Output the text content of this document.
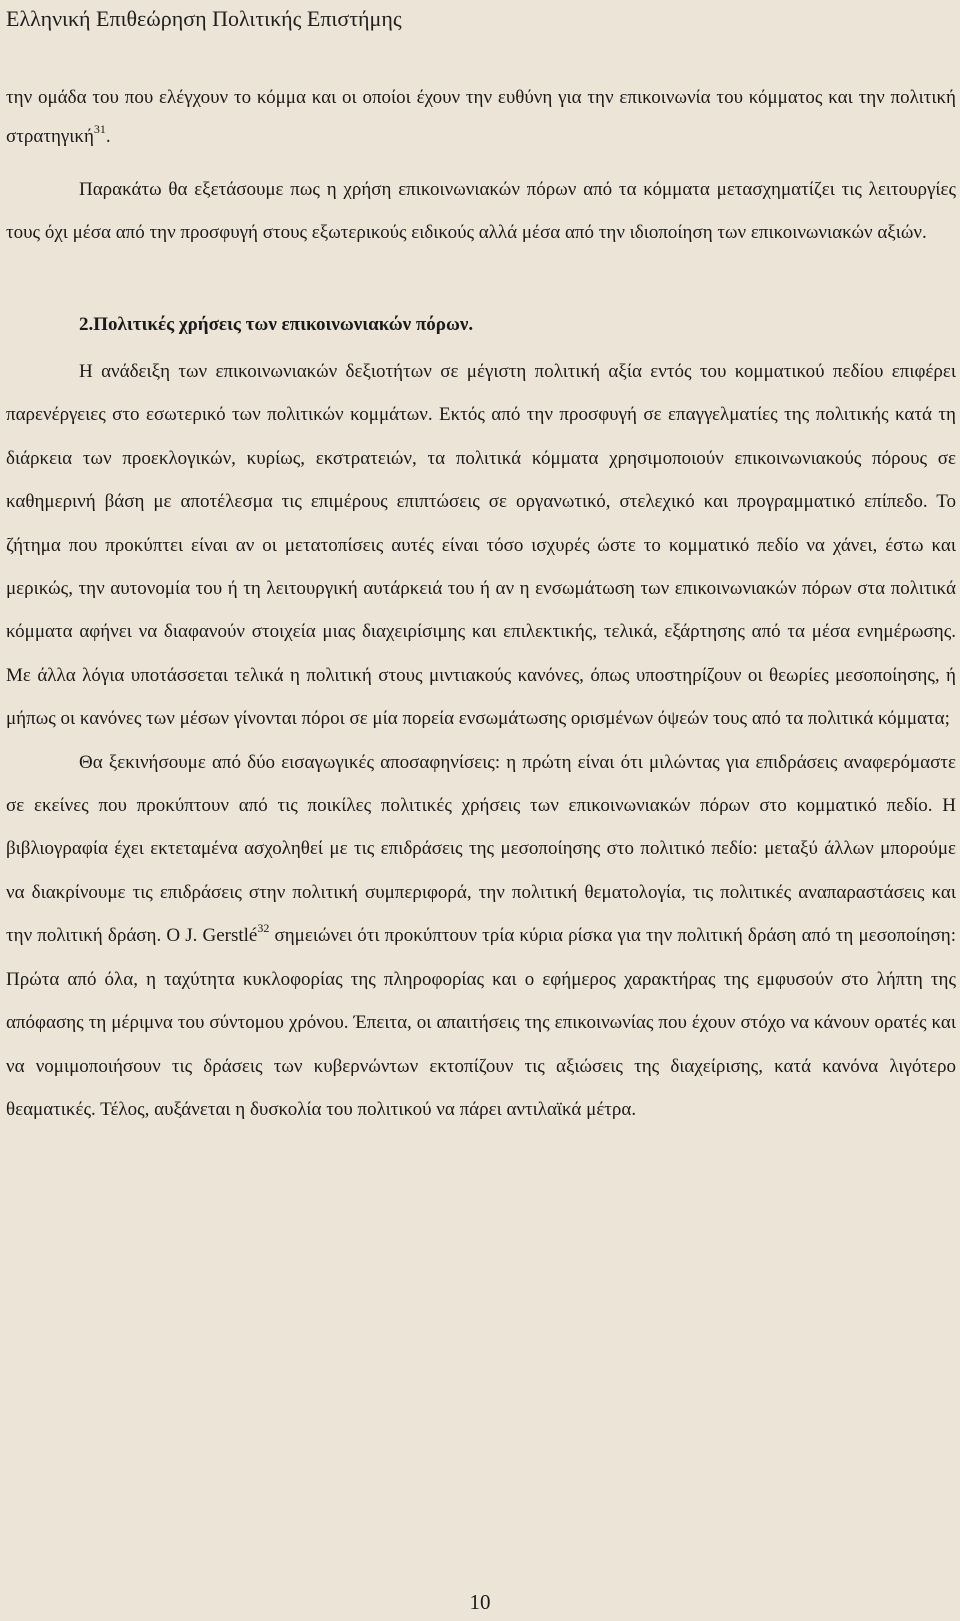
Ελληνική Επιθεώρηση Πολιτικής Επιστήμης

την ομάδα του που ελέγχουν το κόμμα και οι οποίοι έχουν την ευθύνη για την επικοινωνία του κόμματος και την πολιτική στρατηγική$^{31}$.

Παρακάτω θα εξετάσουμε πως η χρήση επικοινωνιακών πόρων από τα κόμματα μετασχηματίζει τις λειτουργίες τους όχι μέσα από την προσφυγή στους εξωτερικούς ειδικούς αλλά μέσα από την ιδιοποίηση των επικοινωνιακών αξιών.

2.Πολιτικές χρήσεις των επικοινωνιακών πόρων.

Η ανάδειξη των επικοινωνιακών δεξιοτήτων σε μέγιστη πολιτική αξία εντός του κομματικού πεδίου επιφέρει παρενέργειες στο εσωτερικό των πολιτικών κομμάτων. Εκτός από την προσφυγή σε επαγγελματίες της πολιτικής κατά τη διάρκεια των προεκλογικών, κυρίως, εκστρατειών, τα πολιτικά κόμματα χρησιμοποιούν επικοινωνιακούς πόρους σε καθημερινή βάση με αποτέλεσμα τις επιμέρους επιπτώσεις σε οργανωτικό, στελεχικό και προγραμματικό επίπεδο. Το ζήτημα που προκύπτει είναι αν οι μετατοπίσεις αυτές είναι τόσο ισχυρές ώστε το κομματικό πεδίο να χάνει, έστω και μερικώς, την αυτονομία του ή τη λειτουργική αυτάρκειά του ή αν η ενσωμάτωση των επικοινωνιακών πόρων στα πολιτικά κόμματα αφήνει να διαφανούν στοιχεία μιας διαχειρίσιμης και επιλεκτικής, τελικά, εξάρτησης από τα μέσα ενημέρωσης. Με άλλα λόγια υποτάσσεται τελικά η πολιτική στους μιντιακούς κανόνες, όπως υποστηρίζουν οι θεωρίες μεσοποίησης, ή μήπως οι κανόνες των μέσων γίνονται πόροι σε μία πορεία ενσωμάτωσης ορισμένων όψεών τους από τα πολιτικά κόμματα;

Θα ξεκινήσουμε από δύο εισαγωγικές αποσαφηνίσεις: η πρώτη είναι ότι μιλώντας για επιδράσεις αναφερόμαστε σε εκείνες που προκύπτουν από τις ποικίλες πολιτικές χρήσεις των επικοινωνιακών πόρων στο κομματικό πεδίο. Η βιβλιογραφία έχει εκτεταμένα ασχοληθεί με τις επιδράσεις της μεσοποίησης στο πολιτικό πεδίο: μεταξύ άλλων μπορούμε να διακρίνουμε τις επιδράσεις στην πολιτική συμπεριφορά, την πολιτική θεματολογία, τις πολιτικές αναπαραστάσεις και την πολιτική δράση. Ο J. Gerstlé$^{32}$ σημειώνει ότι προκύπτουν τρία κύρια ρίσκα για την πολιτική δράση από τη μεσοποίηση: Πρώτα από όλα, η ταχύτητα κυκλοφορίας της πληροφορίας και ο εφήμερος χαρακτήρας της εμφυσούν στο λήπτη της απόφασης τη μέριμνα του σύντομου χρόνου. Έπειτα, οι απαιτήσεις της επικοινωνίας που έχουν στόχο να κάνουν ορατές και να νομιμοποιήσουν τις δράσεις των κυβερνώντων εκτοπίζουν τις αξιώσεις της διαχείρισης, κατά κανόνα λιγότερο θεαματικές. Τέλος, αυξάνεται η δυσκολία του πολιτικού να πάρει αντιλαϊκά μέτρα.

10
